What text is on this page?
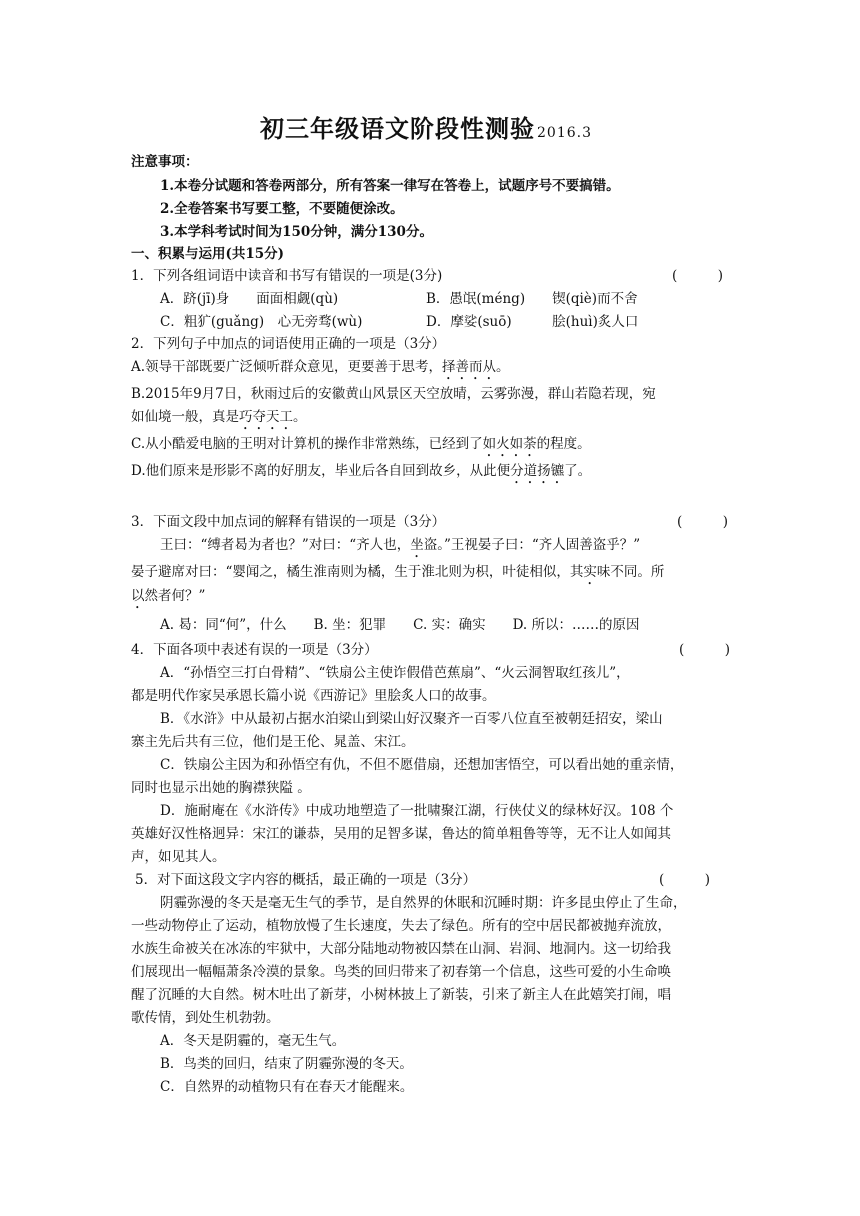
初三年级语文阶段性测验 2016.3
注意事项：
1.本卷分试题和答卷两部分，所有答案一律写在答卷上，试题序号不要搞错。
2.全卷答案书写要工整，不要随便涂改。
3.本学科考试时间为150分钟，满分130分。
一、积累与运用(共15分)
1．下列各组词语中读音和书写有错误的一项是(3分)	(　　　)
A．跻(jī)身　　面面相觑(qù)	B．愚氓(méng)　　锲(qiè)而不舍
C．粗犷(guǎng)　心无旁骛(wù)	D．摩娑(suō)　　　脍(huì)炙人口
2．下列句子中加点的词语使用正确的一项是（3分）
A.领导干部既要广泛倾听群众意见，更要善于思考，择善而从。
B.2015年9月7日，秋雨过后的安徽黄山风景区天空放晴，云雾弥漫，群山若隐若现，宛
如仙境一般，真是巧夺天工。
C.从小酷爱电脑的王明对计算机的操作非常熟练，已经到了如火如荼的程度。
D.他们原来是形影不离的好朋友，毕业后各自回到故乡，从此便分道扬镳了。
3．下面文段中加点词的解释有错误的一项是（3分）	(　　　)
王曰：“缚者曷为者也？”对曰：“齐人也，坐盗。”王视晏子曰：“齐人固善盗乎？”
晏子避席对曰：“婴闻之，橘生淮南则为橘，生于淮北则为枳，叶徒相似，其实味不同。所
以然者何？”
A. 曷：同“何”，什么　　B. 坐：犯罪　　C. 实：确实　　D. 所以：……的原因
4．下面各项中表述有误的一项是（3分）	(　　　)
A．“孙悟空三打白骨精”、“铁扇公主使诈假借芭蕉扇”、“火云洞智取红孩儿”，
都是明代作家吴承恩长篇小说《西游记》里脍炙人口的故事。
B．《水浒》中从最初占据水泊梁山到梁山好汉聚齐一百零八位直至被朝廷招安，梁山
寨主先后共有三位，他们是王伦、晁盖、宋江。
C．铁扇公主因为和孙悟空有仇，不但不愿借扇，还想加害悟空，可以看出她的重亲情，
同时也显示出她的胸襟狭隘 。
D．施耐庵在《水浒传》中成功地塑造了一批啸聚江湖，行侠仗义的绿林好汉。108 个
英雄好汉性格迥异：宋江的谦恭，吴用的足智多谋，鲁达的简单粗鲁等等，无不让人如闻其
声，如见其人。
5．对下面这段文字内容的概括，最正确的一项是（3分）	(　　　)
阴霾弥漫的冬天是毫无生气的季节，是自然界的休眠和沉睡时期：许多昆虫停止了生命，
一些动物停止了运动，植物放慢了生长速度，失去了绿色。所有的空中居民都被抛弃流放，
水族生命被关在冰冻的牢狱中，大部分陆地动物被囚禁在山洞、岩洞、地洞内。这一切给我
们展现出一幅幅萧条冷漠的景象。鸟类的回归带来了初春第一个信息，这些可爱的小生命唤
醒了沉睡的大自然。树木吐出了新芽，小树林披上了新装，引来了新主人在此嬉笑打闹，唱
歌传情，到处生机勃勃。
A．冬天是阴霾的，毫无生气。
B．鸟类的回归，结束了阴霾弥漫的冬天。
C．自然界的动植物只有在春天才能醒来。
